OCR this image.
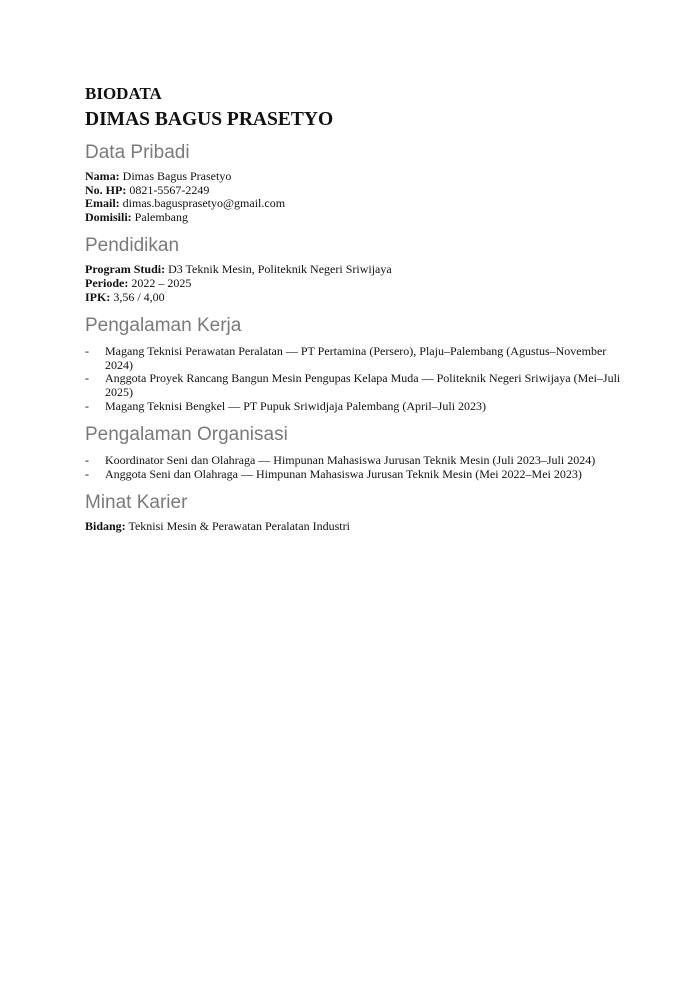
BIODATA
DIMAS BAGUS PRASETYO
Data Pribadi

Nama: Dimas Bagus Prasetyo

No. HP: 0821-5567-2249

Email: dimas.bagusprasetyo@gmail.com

Domisili: Palembang

Pendidikan

Program Studi: D3 Teknik Mesin, Politeknik Negeri Sriwijaya

Periode: 2022 – 2025

IPK: 3,56 / 4,00

Pengalaman Kerja
- Magang Teknisi Perawatan Peralatan — PT Pertamina (Persero), Plaju–Palembang (Agustus–November 2024)
- Anggota Proyek Rancang Bangun Mesin Pengupas Kelapa Muda — Politeknik Negeri Sriwijaya (Mei–Juli 2025)
- Magang Teknisi Bengkel — PT Pupuk Sriwidjaja Palembang (April–Juli 2023)
Pengalaman Organisasi
- Koordinator Seni dan Olahraga — Himpunan Mahasiswa Jurusan Teknik Mesin (Juli 2023–Juli 2024)
- Anggota Seni dan Olahraga — Himpunan Mahasiswa Jurusan Teknik Mesin (Mei 2022–Mei 2023)
Minat Karier

Bidang: Teknisi Mesin & Perawatan Peralatan Industri
